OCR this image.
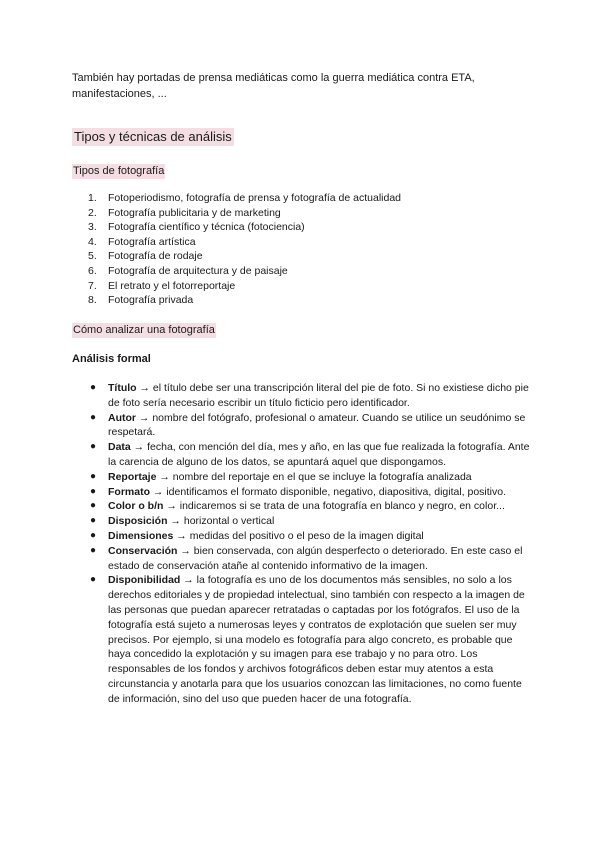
También hay portadas de prensa mediáticas como la guerra mediática contra ETA, manifestaciones, ...

Tipos y técnicas de análisis
Tipos de fotografía
1.	Fotoperiodismo, fotografía de prensa y fotografía de actualidad
2.	Fotografía publicitaria y de marketing
3.	Fotografía científico y técnica (fotociencia)
4.	Fotografía artística
5.	Fotografía de rodaje
6.	Fotografía de arquitectura y de paisaje
7.	El retrato y el fotorreportaje
8.	Fotografía privada
Cómo analizar una fotografía
Análisis formal
● Título → el título debe ser una transcripción literal del pie de foto. Si no existiese dicho pie de foto sería necesario escribir un título ficticio pero identificador.
● Autor → nombre del fotógrafo, profesional o amateur. Cuando se utilice un seudónimo se respetará.
● Data → fecha, con mención del día, mes y año, en las que fue realizada la fotografía. Ante la carencia de alguno de los datos, se apuntará aquel que dispongamos.
● Reportaje → nombre del reportaje en el que se incluye la fotografía analizada
● Formato → identificamos el formato disponible, negativo, diapositiva, digital, positivo.
● Color o b/n → indicaremos si se trata de una fotografía en blanco y negro, en color...
● Disposición → horizontal o vertical
● Dimensiones → medidas del positivo o el peso de la imagen digital
● Conservación → bien conservada, con algún desperfecto o deteriorado. En este caso el estado de conservación atañe al contenido informativo de la imagen.
● Disponibilidad → la fotografía es uno de los documentos más sensibles, no solo a los derechos editoriales y de propiedad intelectual, sino también con respecto a la imagen de las personas que puedan aparecer retratadas o captadas por los fotógrafos. El uso de la fotografía está sujeto a numerosas leyes y contratos de explotación que suelen ser muy precisos. Por ejemplo, si una modelo es fotografía para algo concreto, es probable que haya concedido la explotación y su imagen para ese trabajo y no para otro. Los responsables de los fondos y archivos fotográficos deben estar muy atentos a esta circunstancia y anotarla para que los usuarios conozcan las limitaciones, no como fuente de información, sino del uso que pueden hacer de una fotografía.
